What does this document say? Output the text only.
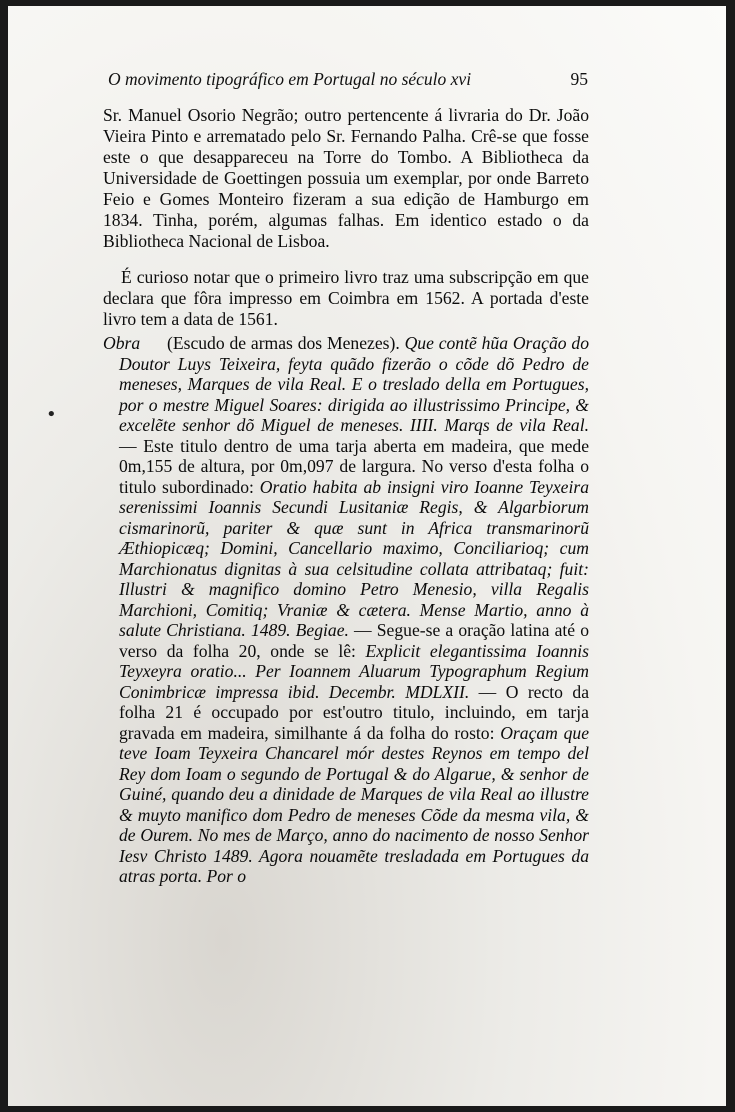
O movimento tipográfico em Portugal no século xvi	95

Sr. Manuel Osorio Negrão; outro pertencente á livraria do Dr. João Vieira Pinto e arrematado pelo Sr. Fernando Palha. Crê-se que fosse este o que desappareceu na Torre do Tombo. A Bibliotheca da Universidade de Goettingen possuia um exemplar, por onde Barreto Feio e Gomes Monteiro fizeram a sua edição de Hamburgo em 1834. Tinha, porém, algumas falhas. Em identico estado o da Bibliotheca Nacional de Lisboa.

É curioso notar que o primeiro livro traz uma subscripção em que declara que fôra impresso em Coimbra em 1562. A portada d'este livro tem a data de 1561.

•
Obra	(Escudo de armas dos Menezes). Que contẽ hũa Oração do Doutor Luys Teixeira, feyta quãdo fizerão o cõde dõ Pedro de meneses, Marques de vila Real. E o treslado della em Portugues, por o mestre Miguel Soares: dirigida ao illustrissimo Principe, & excelẽte senhor dõ Miguel de meneses. IIII. Marqs de vila Real. — Este titulo dentro de uma tarja aberta em madeira, que mede 0m,155 de altura, por 0m,097 de largura. No verso d'esta folha o titulo subordinado: Oratio habita ab insigni viro Ioanne Teyxeira serenissimi Ioannis Secundi Lusitaniæ Regis, & Algarbiorum cismarinorũ, pariter & quæ sunt in Africa transmarinorũ Æthiopicæq; Domini, Cancellario maximo, Conciliarioq; cum Marchionatus dignitas à sua celsitudine collata attribataq; fuit: Illustri & magnifico domino Petro Menesio, villa Regalis Marchioni, Comitiq; Vraniæ & cætera. Mense Martio, anno à salute Christiana. 1489. Begiae. — Segue-se a oração latina até o verso da folha 20, onde se lê: Explicit elegantissima Ioannis Teyxeyra oratio... Per Ioannem Aluarum Typographum Regium Conimbricæ impressa ibid. Decembr. MDLXII. — O recto da folha 21 é occupado por est'outro titulo, incluindo, em tarja gravada em madeira, similhante á da folha do rosto: Oraçam que teve Ioam Teyxeira Chancarel mór destes Reynos em tempo del Rey dom Ioam o segundo de Portugal & do Algarue, & senhor de Guiné, quando deu a dinidade de Marques de vila Real ao illustre & muyto manifico dom Pedro de meneses Cõde da mesma vila, & de Ourem. No mes de Março, anno do nacimento de nosso Senhor Iesv Christo 1489. Agora nouamẽte tresladada em Portugues da atras porta. Por o
